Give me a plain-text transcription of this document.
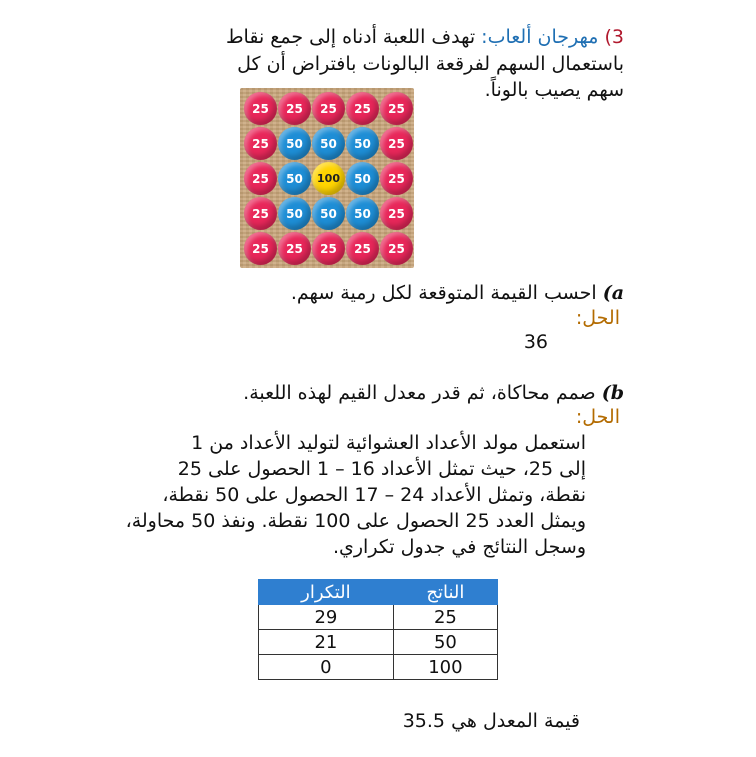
3) مهرجان ألعاب: تهدف اللعبة أدناه إلى جمع نقاط
باستعمال السهم لفرقعة البالونات بافتراض أن كل
سهم يصيب بالوناً.
25	25	25	25	25
25	50	50	50	25
25	50	100	50	25
25	50	50	50	25
25	25	25	25	25
a) احسب القيمة المتوقعة لكل رمية سهم.
الحل:
36
b) صمم محاكاة، ثم قدر معدل القيم لهذه اللعبة.
الحل:
استعمل مولد الأعداد العشوائية لتوليد الأعداد من 1
إلى 25، حيث تمثل الأعداد 16 – 1 الحصول على 25
نقطة، وتمثل الأعداد 24 – 17 الحصول على 50 نقطة،
ويمثل العدد 25 الحصول على 100 نقطة. ونفذ 50 محاولة،
وسجل النتائج في جدول تكراري.
الناتج	التكرار
25	29
50	21
100	0
قيمة المعدل هي 35.5
